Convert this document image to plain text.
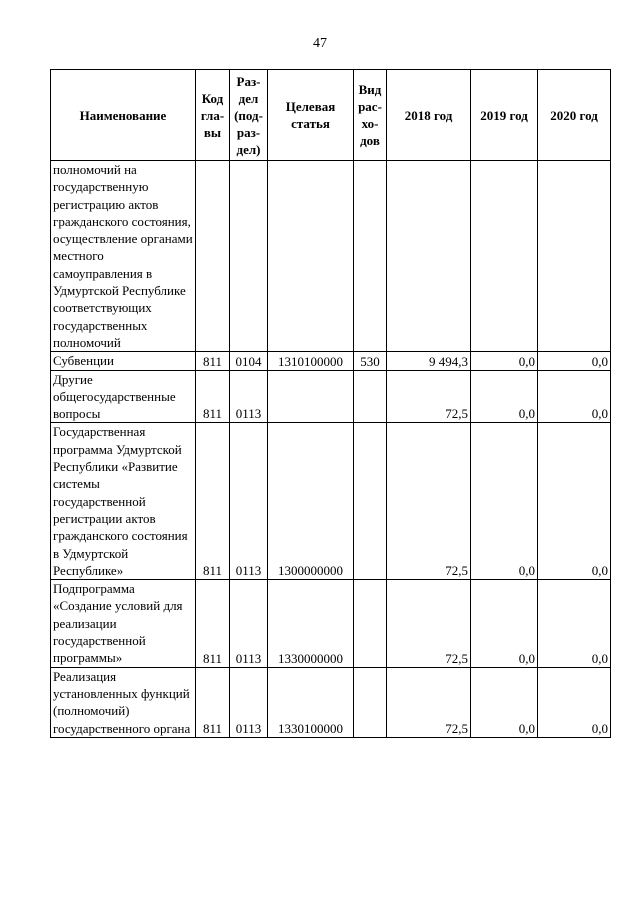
47
Наименование	Код гла-вы	Раз-дел (под-раз-дел)	Целевая статья	Вид рас-хо-дов	2018 год	2019 год	2020 год
полномочий на государственную регистрацию актов гражданского состояния, осуществление органами местного самоуправления в Удмуртской Республике соответствующих государственных полномочий							
Субвенции	811	0104	1310100000	530	9 494,3	0,0	0,0
Другие общегосударственные вопросы	811	0113			72,5	0,0	0,0
Государственная программа Удмуртской Республики «Развитие системы государственной регистрации актов гражданского состояния в Удмуртской Республике»	811	0113	1300000000		72,5	0,0	0,0
Подпрограмма «Создание условий для реализации государственной программы»	811	0113	1330000000		72,5	0,0	0,0
Реализация установленных функций (полномочий) государственного органа	811	0113	1330100000		72,5	0,0	0,0
